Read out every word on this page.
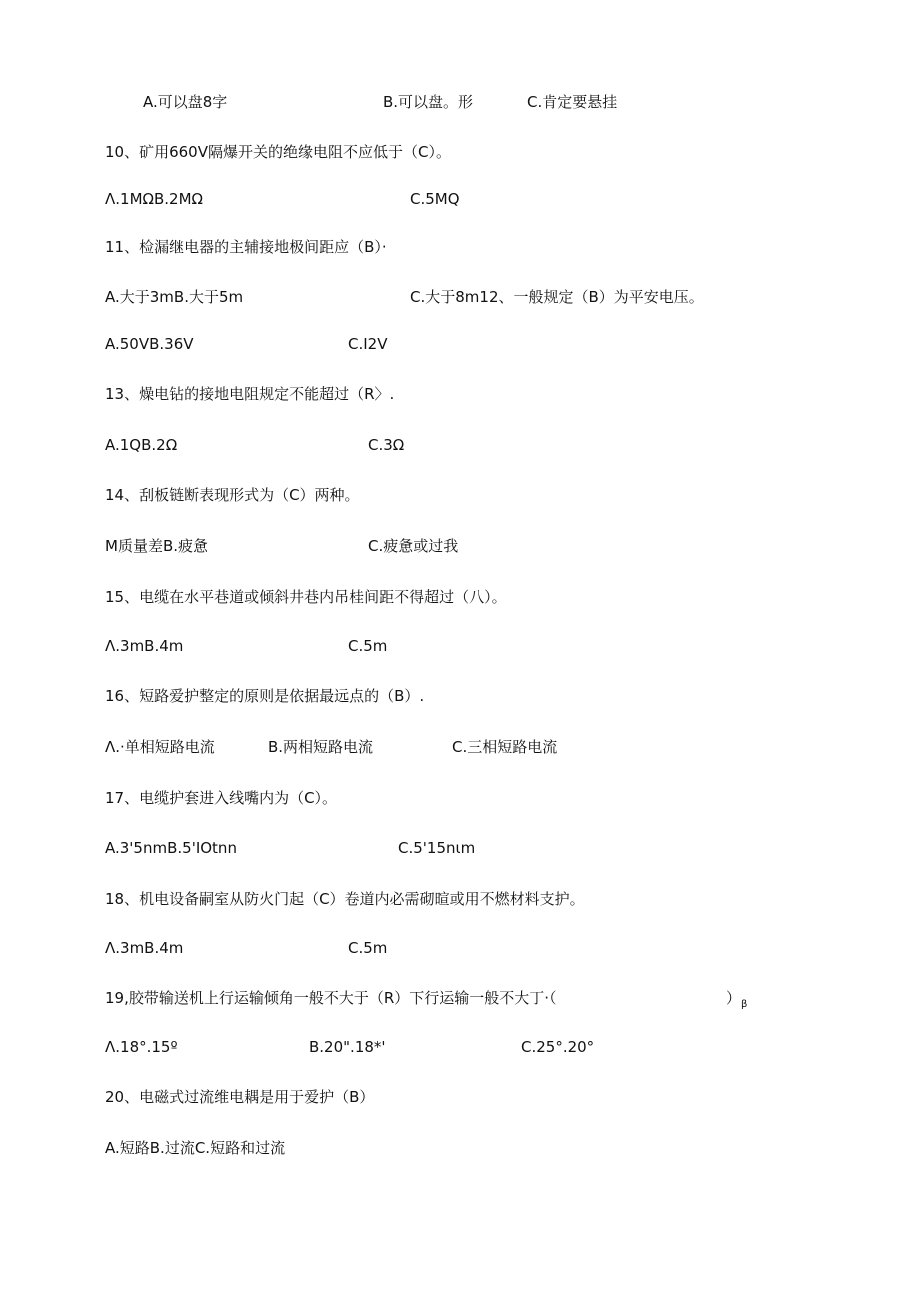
A.可以盘8字	B.可以盘。形	C.肯定要悬挂
10、矿用660V隔爆开关的绝缘电阻不应低于（C）。
Λ.1MΩB.2MΩ	C.5MQ
11、检漏继电器的主辅接地极间距应（B）·
A.大于3mB.大于5m	C.大于8m12、一般规定（B）为平安电压。
A.50VB.36V	C.I2V
13、燥电钻的接地电阻规定不能超过（R〉.
A.1QB.2Ω	C.3Ω
14、刮板链断表现形式为（C）两种。
M质量差B.疲惫	C.疲惫或过我
15、电缆在水平巷道或倾斜井巷内吊桂间距不得超过（八）。
Λ.3mB.4m	C.5m
16、短路爱护整定的原则是依据最远点的（B）.
Λ.·单相短路电流	B.两相短路电流	C.三相短路电流
17、电缆护套进入线嘴内为（C）。
A.3'5nmB.5'IOtnn	C.5'15nιm
18、机电设备嗣室从防火门起（C）卷道内必需砌暄或用不燃材料支护。
Λ.3mB.4m	C.5m
19,胶带输送机上行运输倾角一般不大于（R）下行运输一般不大丁·（	）$_\beta$
Λ.18°.15º	B.20".18*'	C.25°.20°
20、电磁式过流维电耦是用于爱护（B）
A.短路B.过流C.短路和过流
